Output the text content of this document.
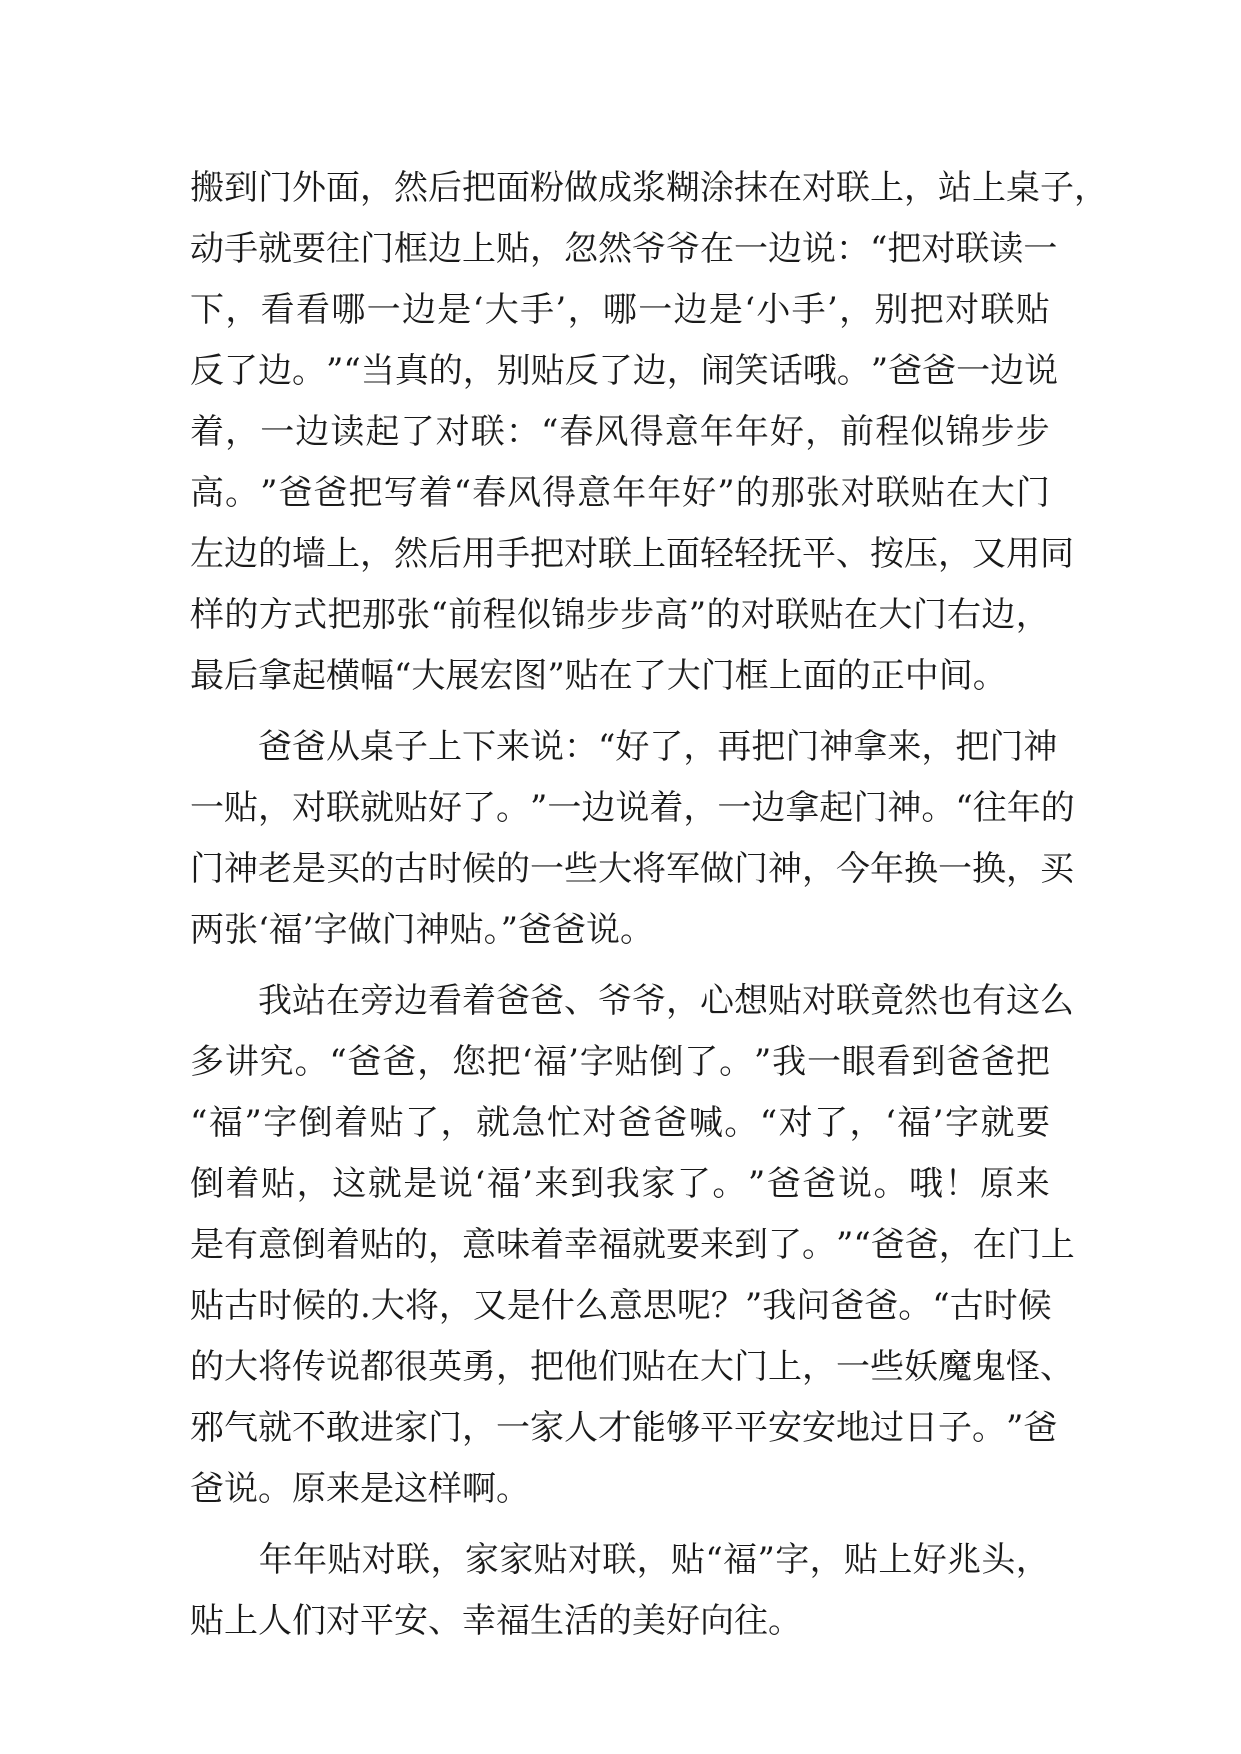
搬 到 门 外 面 ， 然 后 把 面 粉 做 成 浆 糊 涂 抹 在 对 联 上 ， 站 上 桌 子 ，
动 手 就 要 往 门 框 边 上 贴 ， 忽 然 爷 爷 在 一 边 说 ： “ 把 对 联 读 一
下 ， 看 看 哪 一 边 是 ‘ 大 手 ’ ， 哪 一 边 是 ‘ 小 手 ’ ， 别 把 对 联 贴
反 了 边 。 ” “ 当 真 的 ， 别 贴 反 了 边 ， 闹 笑 话 哦 。 ” 爸 爸 一 边 说
着 ， 一 边 读 起 了 对 联 ： “ 春 风 得 意 年 年 好 ， 前 程 似 锦 步 步
高 。 ” 爸 爸 把 写 着 “ 春 风 得 意 年 年 好 ” 的 那 张 对 联 贴 在 大 门
左 边 的 墙 上 ， 然 后 用 手 把 对 联 上 面 轻 轻 抚 平 、 按 压 ， 又 用 同
样 的 方 式 把 那 张 “ 前 程 似 锦 步 步 高 ” 的 对 联 贴 在 大 门 右 边 ，
最后拿起横幅“大展宏图”贴在了大门框上面的正中间。

爸 爸 从 桌 子 上 下 来 说 ： “ 好 了 ， 再 把 门 神 拿 来 ， 把 门 神
一 贴 ， 对 联 就 贴 好 了 。 ” 一 边 说 着 ， 一 边 拿 起 门 神 。 “ 往 年 的
门 神 老 是 买 的 古 时 候 的 一 些 大 将 军 做 门 神 ， 今 年 换 一 换 ， 买
两张‘福’字做门神贴。”爸爸说。

我 站 在 旁 边 看 着 爸 爸 、 爷 爷 ， 心 想 贴 对 联 竟 然 也 有 这 么
多 讲 究 。 “ 爸 爸 ， 您 把 ‘ 福 ’ 字 贴 倒 了 。 ” 我 一 眼 看 到 爸 爸 把
“ 福 ” 字 倒 着 贴 了 ， 就 急 忙 对 爸 爸 喊 。 “ 对 了 ， ‘ 福 ’ 字 就 要
倒 着 贴 ， 这 就 是 说 ‘ 福 ’ 来 到 我 家 了 。 ” 爸 爸 说 。 哦 ！ 原 来
是 有 意 倒 着 贴 的 ， 意 味 着 幸 福 就 要 来 到 了 。 ” “ 爸 爸 ， 在 门 上
贴 古 时 候 的 . 大 将 ， 又 是 什 么 意 思 呢 ？ ” 我 问 爸 爸 。 “ 古 时 候
的 大 将 传 说 都 很 英 勇 ， 把 他 们 贴 在 大 门 上 ， 一 些 妖 魔 鬼 怪 、
邪 气 就 不 敢 进 家 门 ， 一 家 人 才 能 够 平 平 安 安 地 过 日 子 。 ” 爸
爸说。原来是这样啊。

年 年 贴 对 联 ， 家 家 贴 对 联 ， 贴 “ 福 ” 字 ， 贴 上 好 兆 头 ，
贴上人们对平安、幸福生活的美好向往。
